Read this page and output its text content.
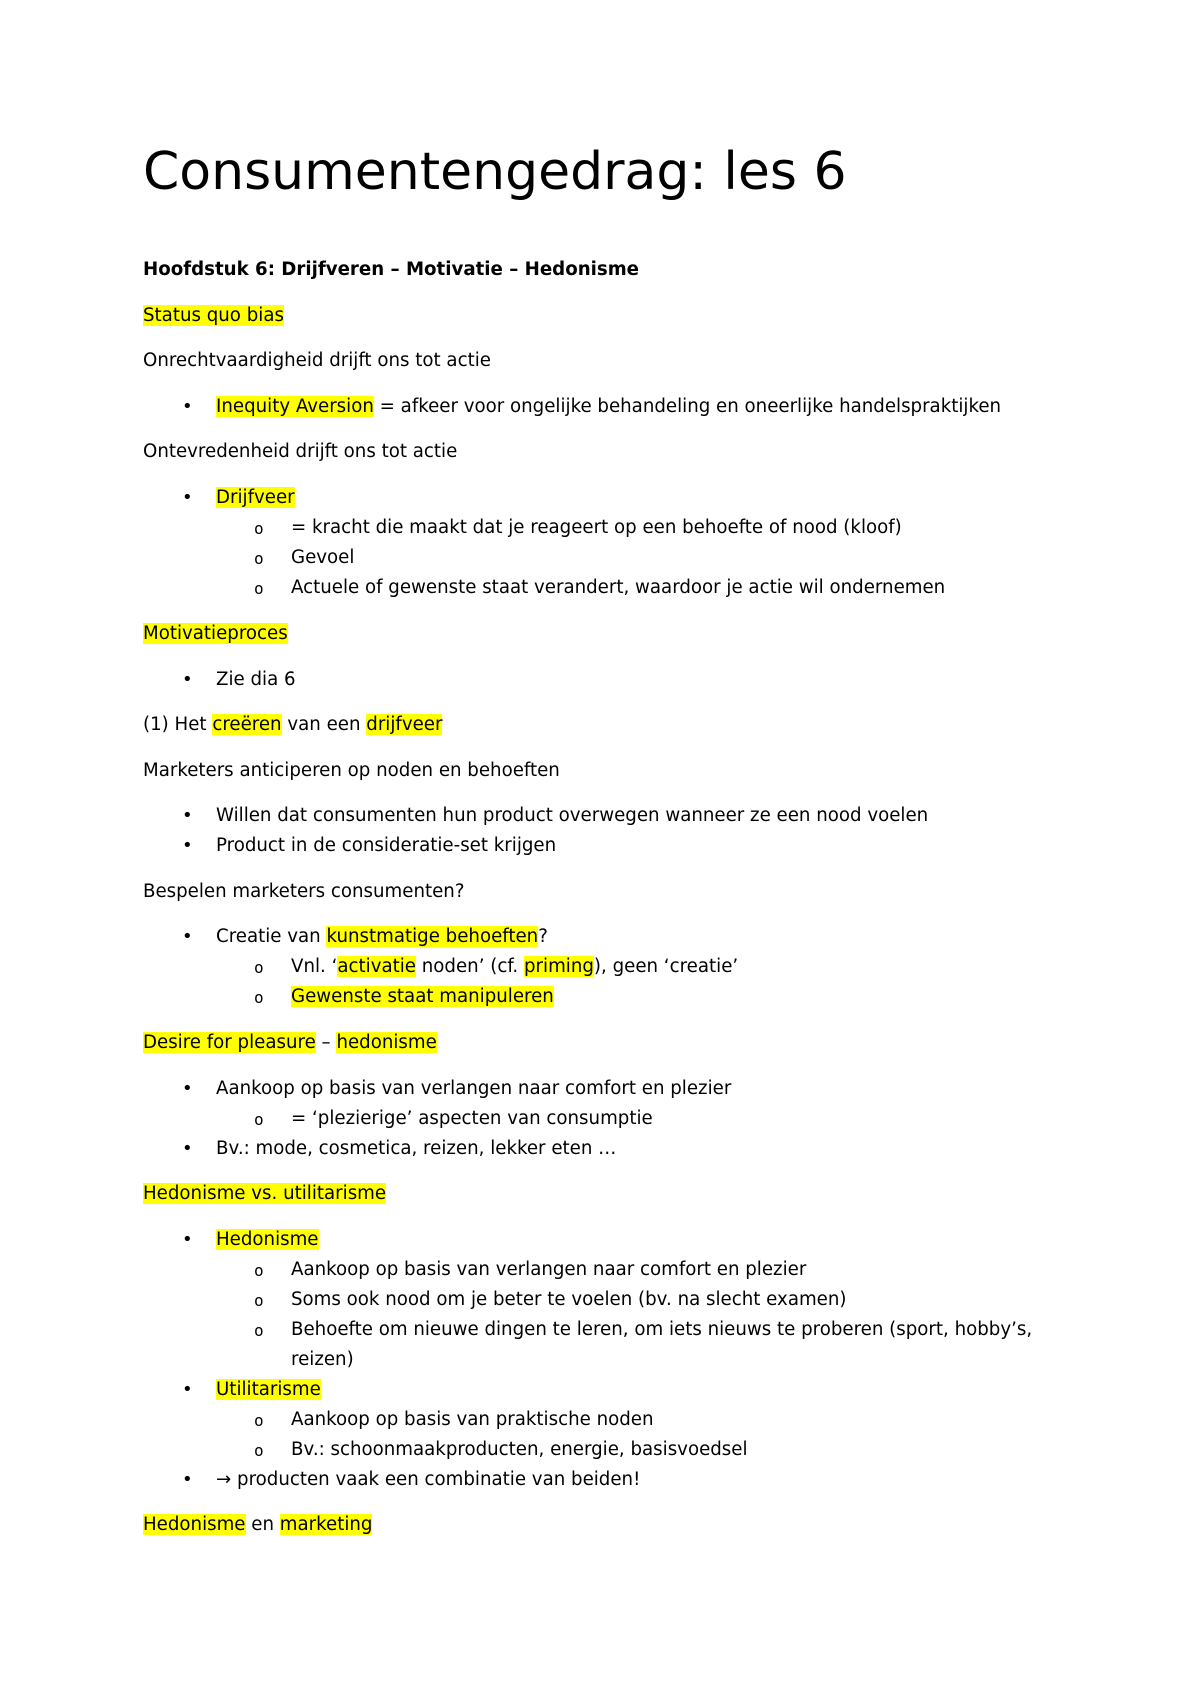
Consumentengedrag: les 6
Hoofdstuk 6: Drijfveren – Motivatie – Hedonisme
Status quo bias
Onrechtvaardigheid drijft ons tot actie
• Inequity Aversion = afkeer voor ongelijke behandeling en oneerlijke handelspraktijken
Ontevredenheid drijft ons tot actie
• Drijfveer
o = kracht die maakt dat je reageert op een behoefte of nood (kloof)
o Gevoel
o Actuele of gewenste staat verandert, waardoor je actie wil ondernemen
Motivatieproces
• Zie dia 6
(1) Het creëren van een drijfveer
Marketers anticiperen op noden en behoeften
• Willen dat consumenten hun product overwegen wanneer ze een nood voelen
• Product in de consideratie-set krijgen
Bespelen marketers consumenten?
• Creatie van kunstmatige behoeften?
o Vnl. ‘activatie noden’ (cf. priming), geen ‘creatie’
o Gewenste staat manipuleren
Desire for pleasure – hedonisme
• Aankoop op basis van verlangen naar comfort en plezier
o = ‘plezierige’ aspecten van consumptie
• Bv.: mode, cosmetica, reizen, lekker eten …
Hedonisme vs. utilitarisme
• Hedonisme
o Aankoop op basis van verlangen naar comfort en plezier
o Soms ook nood om je beter te voelen (bv. na slecht examen)
o Behoefte om nieuwe dingen te leren, om iets nieuws te proberen (sport, hobby’s,
reizen)
• Utilitarisme
o Aankoop op basis van praktische noden
o Bv.: schoonmaakproducten, energie, basisvoedsel
• → producten vaak een combinatie van beiden!
Hedonisme en marketing
